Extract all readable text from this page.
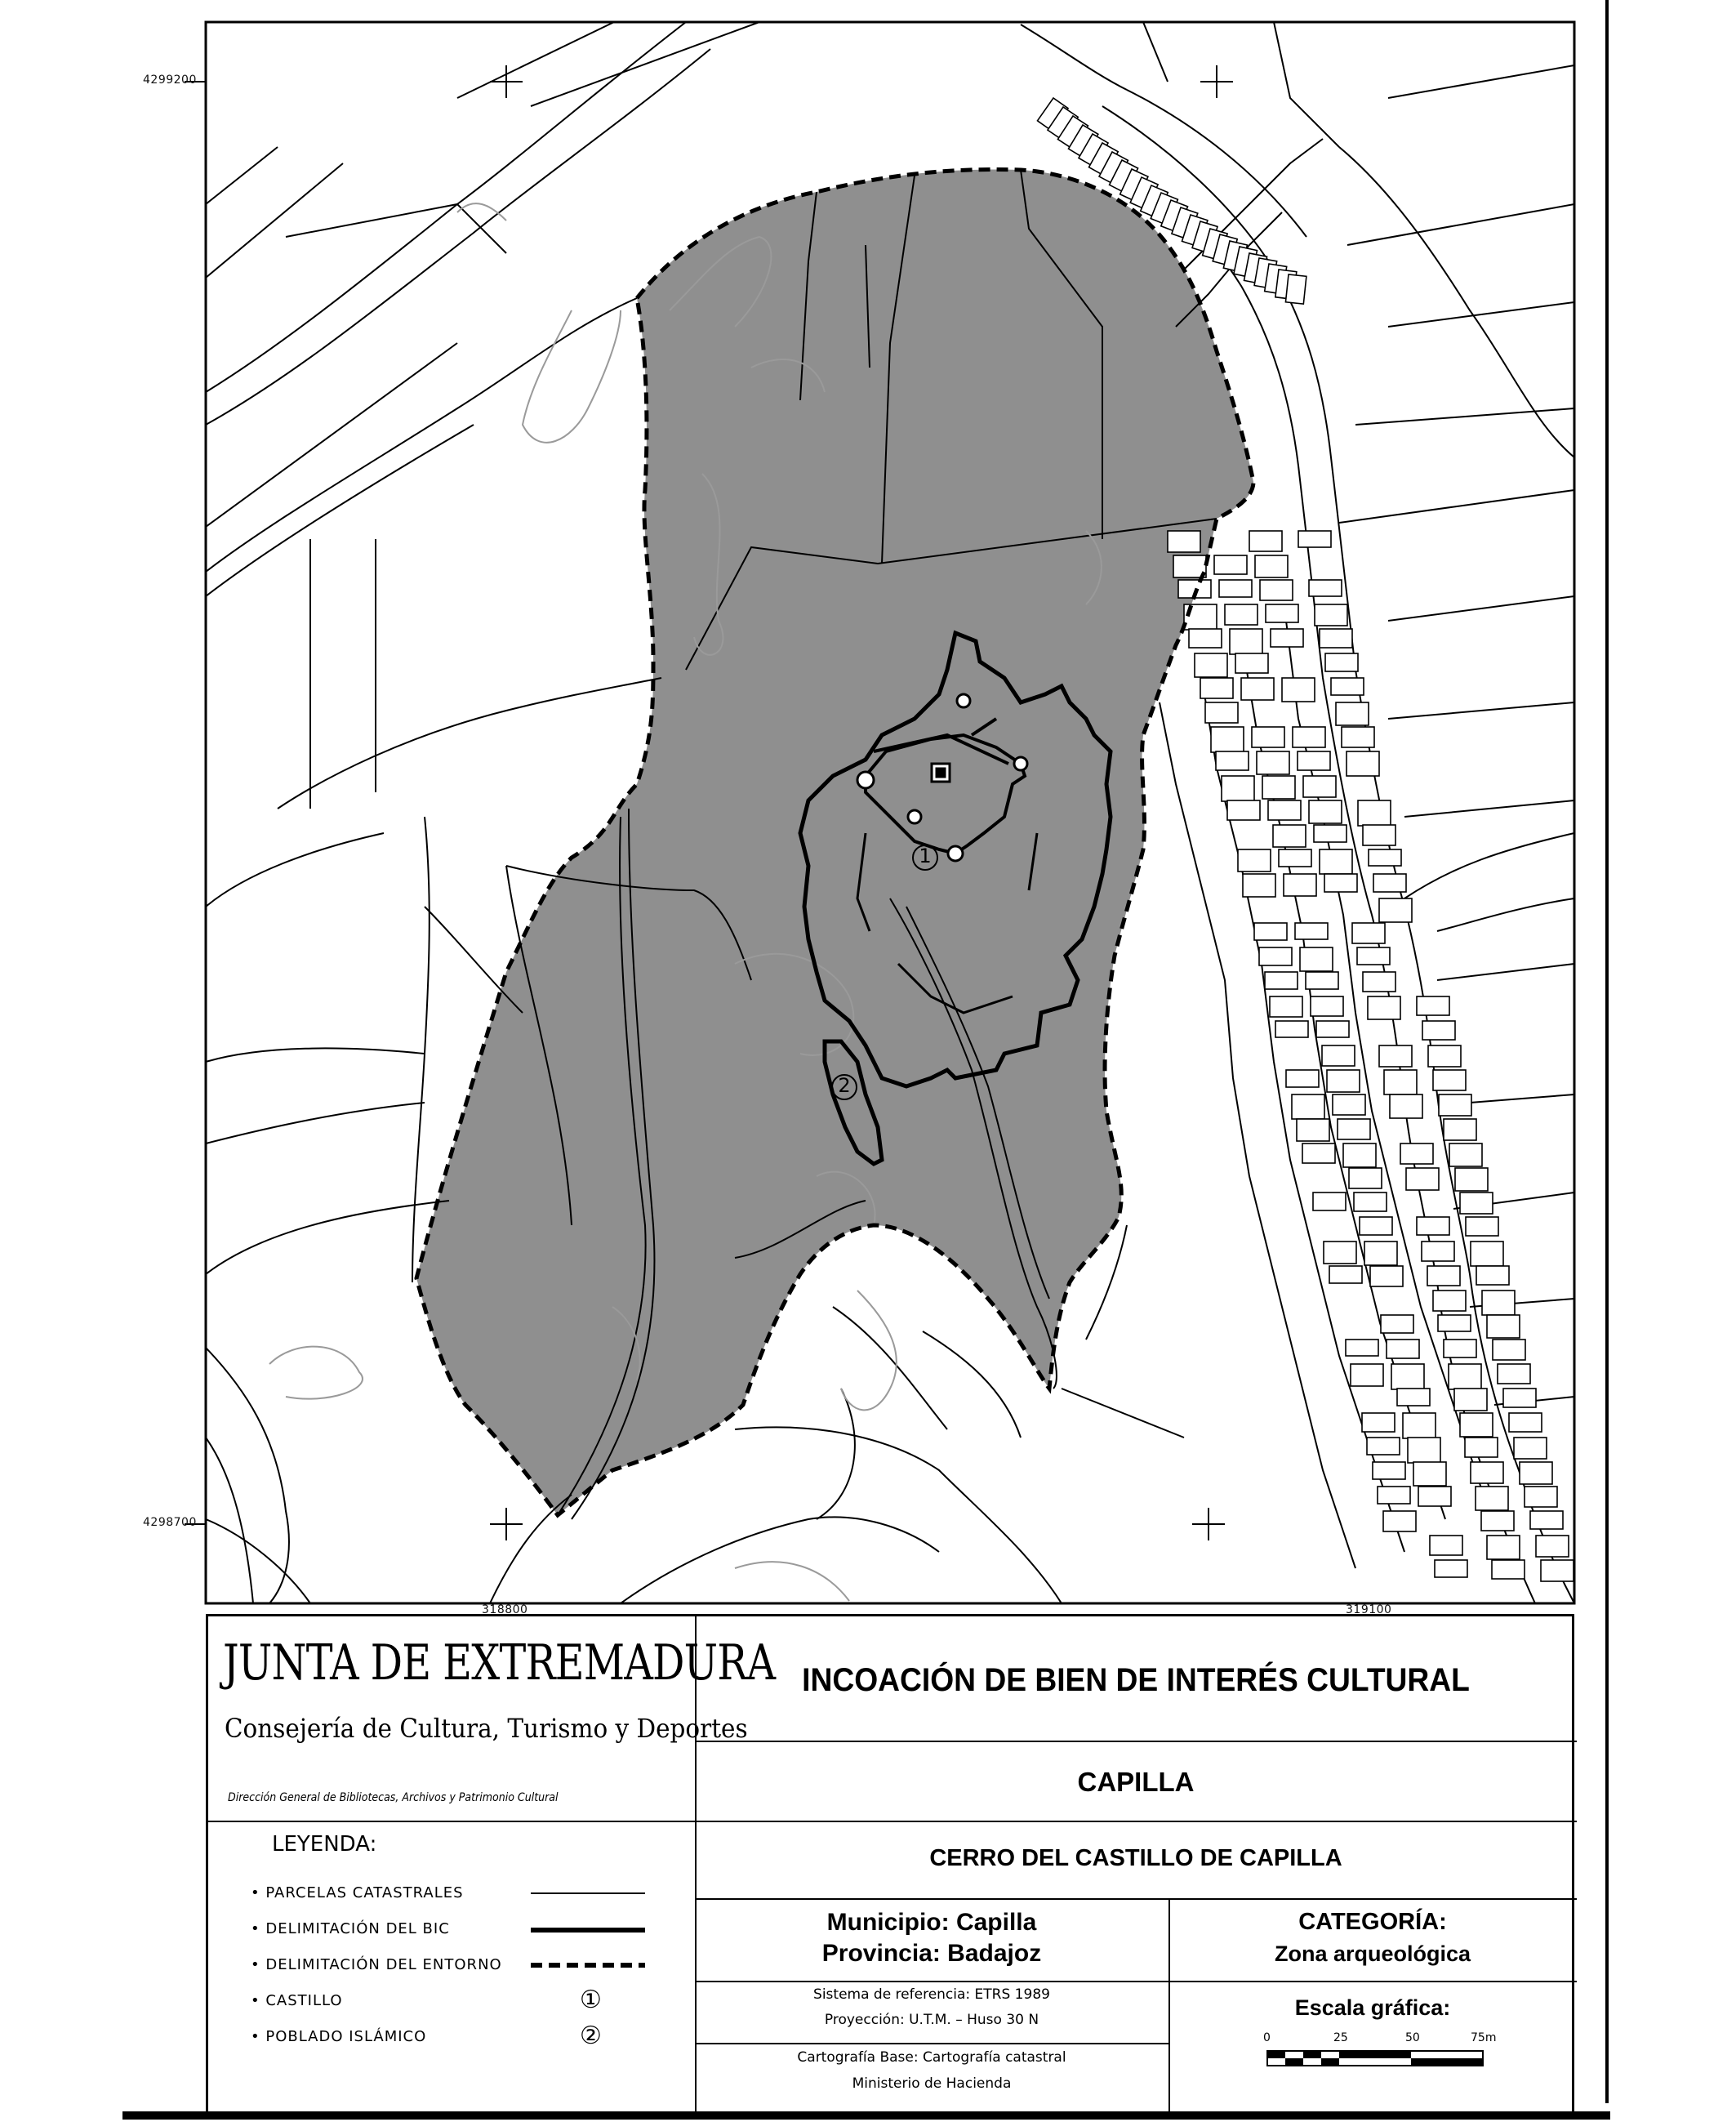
1
2
4299200
4298700
318800	319100
JUNTA DE EXTREMADURA
Consejería de Cultura, Turismo y Deportes
Dirección General de Bibliotecas, Archivos y Patrimonio Cultural
INCOACIÓN DE BIEN DE INTERÉS CULTURAL
CAPILLA
CERRO DEL CASTILLO DE CAPILLA
Municipio: Capilla
Provincia: Badajoz
Sistema de referencia: ETRS 1989
Proyección: U.T.M. – Huso 30 N
Cartografía Base: Cartografía catastral
Ministerio de Hacienda
CATEGORÍA:
Zona arqueológica
Escala gráfica:
0	25	50	75m
LEYENDA:
• PARCELAS CATASTRALES
• DELIMITACIÓN DEL BIC
• DELIMITACIÓN DEL ENTORNO
• CASTILLO	①
• POBLADO ISLÁMICO	②
